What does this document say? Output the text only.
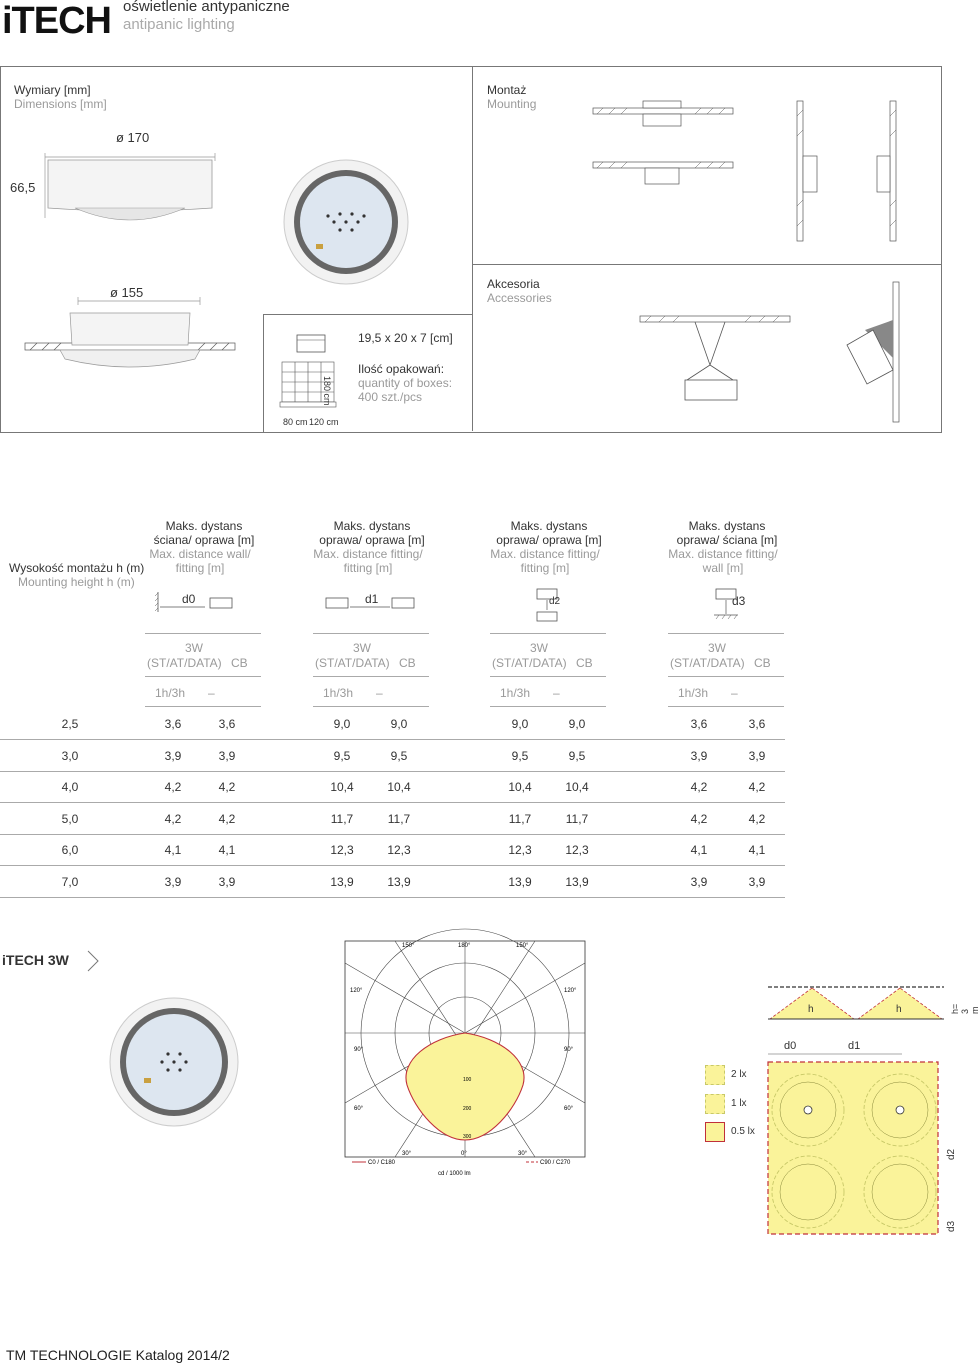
iTECH oświetlenie antypaniczne
antipanic lighting
Wymiary [mm]
Dimensions [mm]
ø 170
66,5
ø 155
Montaż
Mounting
Akcesoria
Accessories
180 cm
80 cm 120 cm
19,5 x 20 x 7 [cm]
Ilość opakowań:
quantity of boxes:
400 szt./pcs
Wysokość montażu h (m)
Mounting height h (m)
Maks. dystans ściana/ oprawa [m]
Max. distance wall/ fitting [m]
3W
(ST/AT/DATA) CB
1h/3h –
Maks. dystans oprawa/ oprawa [m]
Max. distance fitting/ fitting [m]
3W
(ST/AT/DATA) CB
1h/3h –
Maks. dystans oprawa/ oprawa [m]
Max. distance fitting/ fitting [m]
3W
(ST/AT/DATA) CB
1h/3h –
Maks. dystans oprawa/ ściana [m]
Max. distance fitting/ wall [m]
3W
(ST/AT/DATA) CB
1h/3h –
2,5	3,6	3,6	9,0	9,0	9,0	9,0	3,6	3,6
3,0	3,9	3,9	9,5	9,5	9,5	9,5	3,9	3,9
4,0	4,2	4,2	10,4	10,4	10,4	10,4	4,2	4,2
5,0	4,2	4,2	11,7	11,7	11,7	11,7	4,2	4,2
6,0	4,1	4,1	12,3	12,3	12,3	12,3	4,1	4,1
7,0	3,9	3,9	13,9	13,9	13,9	13,9	3,9	3,9
d0	d1	d2	d3
iTECH 3W
150°	180°	150°
120°	120°
90°	90°
60°	60°
100
200
300
30°	0°	30°
C0 / C180	C90 / C270
cd / 1000 lm
h	h	h= 3 m
d0	d1
2 lx
1 lx
0.5 lx
d2
d3
TM TECHNOLOGIE Katalog 2014/2
